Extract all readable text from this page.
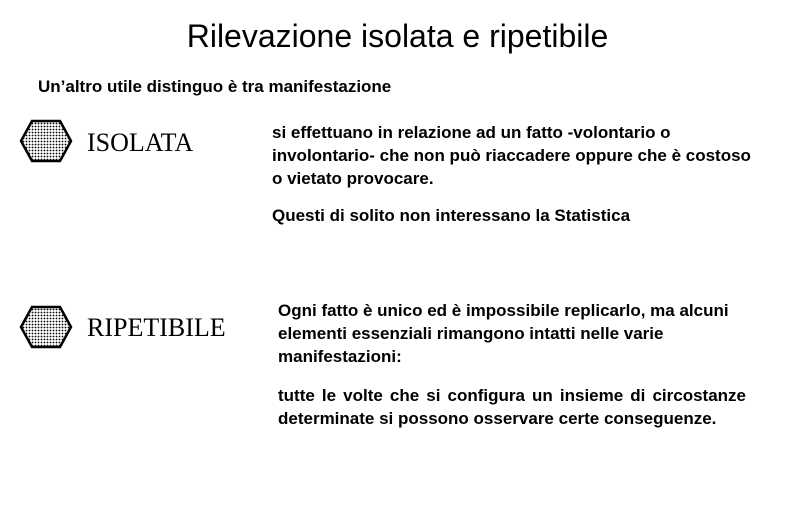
Rilevazione isolata e ripetibile
Un’altro utile distinguo è tra manifestazione
ISOLATA	si effettuano in relazione ad un fatto -volontario o involontario- che non può riaccadere oppure che è costoso o vietato provocare.
Questi di solito non interessano la Statistica
RIPETIBILE
Ogni fatto è unico ed è impossibile replicarlo, ma alcuni elementi essenziali rimangono intatti nelle varie manifestazioni:
tutte le volte che si configura un insieme di circostanze determinate si possono osservare certe conseguenze.
